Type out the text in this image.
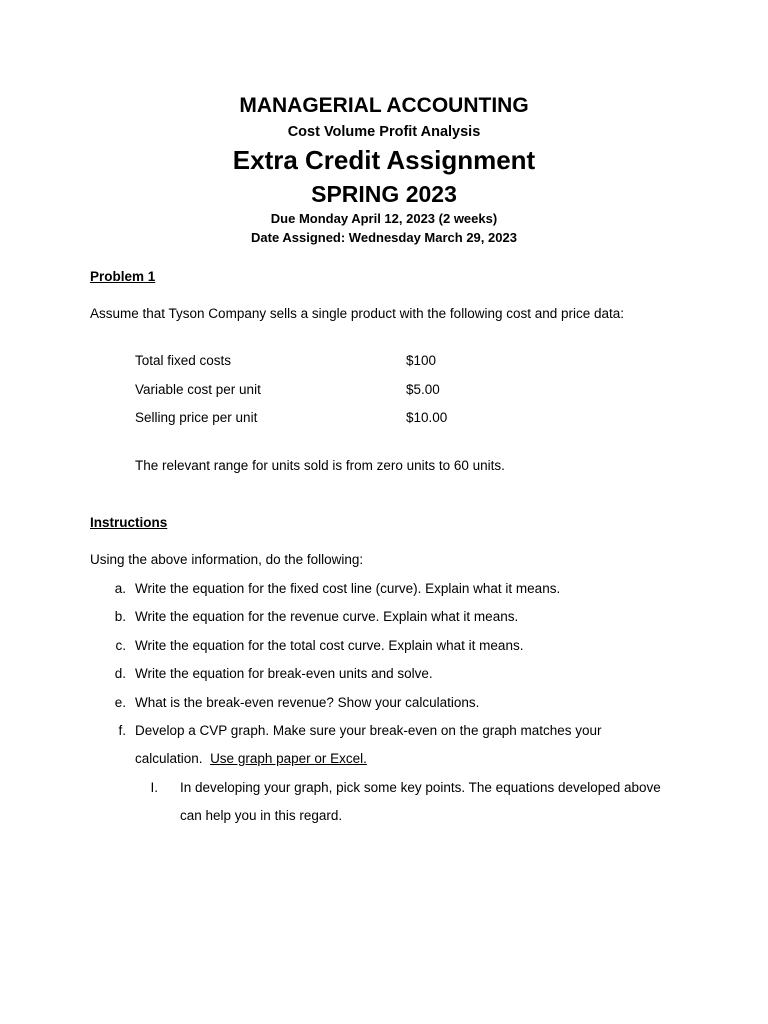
MANAGERIAL ACCOUNTING
Cost Volume Profit Analysis
Extra Credit Assignment
SPRING 2023
Due Monday April 12, 2023 (2 weeks)
Date Assigned: Wednesday March 29, 2023
Problem 1
Assume that Tyson Company sells a single product with the following cost and price data:
Total fixed costs	$100
Variable cost per unit	$5.00
Selling price per unit	$10.00
The relevant range for units sold is from zero units to 60 units.
Instructions
Using the above information, do the following:
a. Write the equation for the fixed cost line (curve). Explain what it means.
b. Write the equation for the revenue curve. Explain what it means.
c. Write the equation for the total cost curve. Explain what it means.
d. Write the equation for break-even units and solve.
e. What is the break-even revenue? Show your calculations.
f. Develop a CVP graph. Make sure your break-even on the graph matches your
calculation. Use graph paper or Excel.
I. In developing your graph, pick some key points. The equations developed above
can help you in this regard.
